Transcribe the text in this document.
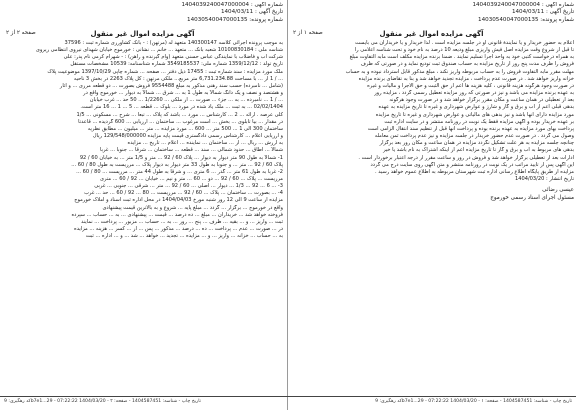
شماره آگهی : 1404039240047000004
تاریخ آگهی : 1404/03/11
شماره پرونده: 14030540047000135
صفحه ۱ از ۲	آگهی مزایده اموال غیر منقول
اعلام به حضور خریدار و یا نمایندهٔ قانونی او در جلسه مزایده است . لذا خریدار و یا خریداران می بایست
تا قبل از شروع وقت مزایده اصل فیش واریزی مبلغ ودیعه 10 درصد به نام خود و تحت شناسه اعلامی را
به همراه درخواست کتبی خود به واحد اجرا تسلیم نمایند . ضمنا برنده مزایده مکلف است مابه التفاوت مبلغ
فروش را ظرف مدت پنج روز از تاریخ مزایده به حساب صندوق ثبت تودیع نماید و در صورتی که ظرف
مهلت مقرر مابه التفاوت فروش را به حساب مربوطه واریز نکند ، مبلغ مذکور قابل استرداد نبوده و به حساب
خزانه واریز خواهد شد . در صورت عدم پرداخت ، مزایده تجدید خواهد شد و بنا به تقاضای برنده مزایده
در صورت وجود هرگونه هزینه قانونی ، کلیه هزینه ها اعم از حق الثبت و حق الاجرا و مالیات و غیره
به عهده برنده مزایده می باشد و نیز در صورتی که روز مزایده تعطیل رسمی گردد ، مزایده روز
بعد از تعطیلی در همان ساعت و مکان مقرر برگزار خواهد شد و در صورت وجود هرگونه
بدهی قبلی اعم از آب و برق و گاز و شارژ و عوارض شهرداری و غیره تا تاریخ مزایده به عهده
مورد مزایده دارای آنها باشد و نیز بدهی های مالیاتی و عوارض شهرداری و غیره تا تاریخ مزایده
بر عهده خریدار بوده و آگهی مزایده فقط یک نوبت در روزنامه منتشر و در سایت اداره ثبت
پرداخت بهای مورد مزایده به عهده برنده بوده و پرداخت آنها قبل از تنظیم سند انتقال الزامی است
وصول می گردد . در صورت عدم حضور خریدار در جلسه مزایده و نیز عدم پرداخت ثمن معامله
چنانچه جلسه مزایده به هر علت تشکیل نگردد مزایده در همان ساعت و مکان روز بعد برگزار
بدهی های مربوط به آب و برق و گاز تا تاریخ مزایده اعم از اینکه اشتراک به نام باشد یا خیر
ادارات بعد از تعطیلی برگزار خواهد شد و فروش در روز و ساعت مقرر از درجه اعتبار برخوردار است .
این آگهی پس از تأیید مراتب در یک نوبت در روزنامه منتشر و متن آگهی روی سایت درج می گردد
مزایده از طریق پایگاه اطلاع رسانی اداره ثبت شهرستان مربوطه به اطلاع عموم خواهد رسید .
تاریخ انتشار : 1404/03/20
عیسی رضائی
مسئول اجرای اسناد رسمی خورموج
شماره آگهی : 1404039240047000004
تاریخ آگهی : 1404/03/11
شماره پرونده: 14030540047000135
صفحه ۲ از ۲	آگهی مزایده اموال غیر منقول
به موجب پرونده اجرائی کلاسه 140300147 متعهد له (مرتهن) : - بانک کشاورزی شماره ثبت : 37596
شناسه ملی : 10100830184 شعبه بانک ... متعهد ... خانم ... نشانی : خورموج خیابان شهدای نیروی انتظامی زیروی
شرکت آب و فاضلاب با نمایندگی عباس حسنی متعهد (وام گیرنده و راهن) : - شهرام کرمی نام پدر: علی
تاریخ تولد : 1359/12/12 شماره ملی: 3549185537 شماره شناسنامه: 10539 مشخصات مستقل
ملک مورد مزایده : سند شماره ثبت : 17455 ذیل دفتر ... صفحه ... شماره چاپی 1397/10/29 موضوعیت پلاک
... / 1 از ... با مساحت 6,731.234.88 متر مربع... ملکی مرتهن : کل پلاک 2263 در بخش 3 ناحیه
(شامل ... نامبرده) حسب سند رهنی مذکور به مبلغ 9554488 فروش بصورت ... دو قطعه مرزی ... و آثار
و هشتصد و نصف و یک دانگ شمالاً به طول 1 به ... شرق ... شمالاً به دیوار ... خورموج واقع در
... / 1 ... نامبرده ... به ... جزء ... صورت ... از ملکی ... 1/2260 ... 50 حد ... غرب خیابان
02/02/1404 ... به ثبت ... ملک یاد شده در مورد ... بلوک ... قطعه ... 5 ... 1 ... 16 متر است.
کلی عرصه . ارائه ... 2 ... کارشناس ... مورد ... باشد که پلاک ... تبعا ... شرح ... مسکونی ... 1/5
در مقدار ... بیا تابلوی ... بخش ... است مرغوب ... ساختمان ... ارزیابی ... 600 گردیده ... قاعدتا
ساختمان 300 الی 1 ... 500 متر ... 600 ... مورد مزایده ... متر ... میلیون ... مطابق نظریه
و ارزیابی اعلام ... کارشناس رسمی دادگستری قیمت پایه مزایده 129/548/000000 ریال
به ارزش ... ریال ... از ... ساختمان ... نماینده ... اعلام ... تاریخ ... مزایده
شمالاً ... اطاق ... حدود شمالی ... سند ... قطعه ... ساختمان ... شرقاً ... جنوباً ... غرباً
1- شمالاً به طول 90 متر دیوار به دیوار ... پلاک 60 / 92 ... متر و 1/5 متر ... به خیابان 60 / 92
پلاک 60 / 92 ... متر ... و جنوباً به طول 33 متر دیوار به دیوار پلاک ... مرزیست به طول 80 / 60 ...
2- غرباً به طول 61 متر ... گذر ... 6 متری ... و شرقاً به طول 44 متر ... مرزیست ... 80 / 60 ...
مرزیست ... پلاک ... 60 / 92 ... دو ... 60 ... متر و نیم ... خیابان ... 92 / 60 ... متری
3- ... 6 ... 92 ... 1/3 ... دیوار ... اصلی ... 60 / 92 ... متر ... شرقی ... جنوبی ... غربی
4- ... بصورت ... ساختمان ... پلاک ... 60 / 92 ... مرزیست ... 80 ... 92 / 60 ... حد ... غرب
مزایده از ساعت 9 الی 12 روز شنبه مورخ 1404/04/03 در محل اداره ثبت اسناد و املاک خورموج
واقع در خورموج ... برگزار ... گردد ... مبلغ پایه ... شروع و به بالاترین قیمت پیشنهادی
فروخته خواهد شد ... خریداران ... مبلغ ... ده درصد ... قیمت ... پیشنهادی ... به ... حساب ... سپرده
ثبت ... واریز ... و ... بقیه ... ظرف ... پنج ... روز ... به ... حساب ... مزبور ... پرداخت ... نمایند
در ... صورت ... عدم ... پرداخت ... ده ... درصد ... مذکور ... پس ... از ... کسر ... هزینه ... مزایده
به ... حساب ... خزانه ... واریز ... و ... مزایده ... تجدید ... خواهد ... شد ... و ... اداره ... ثبت
کد رهگیری: 9b7e1...29 - 07:22:22 1404/03/20 - تاریخ چاپ - شناسه: 1404587451 - صفحه: ۲	کد رهگیری: 9b7e1...29 - 07:22:22 1404/03/20 - تاریخ چاپ - شناسه: 1404587451 - صفحه: ۱
